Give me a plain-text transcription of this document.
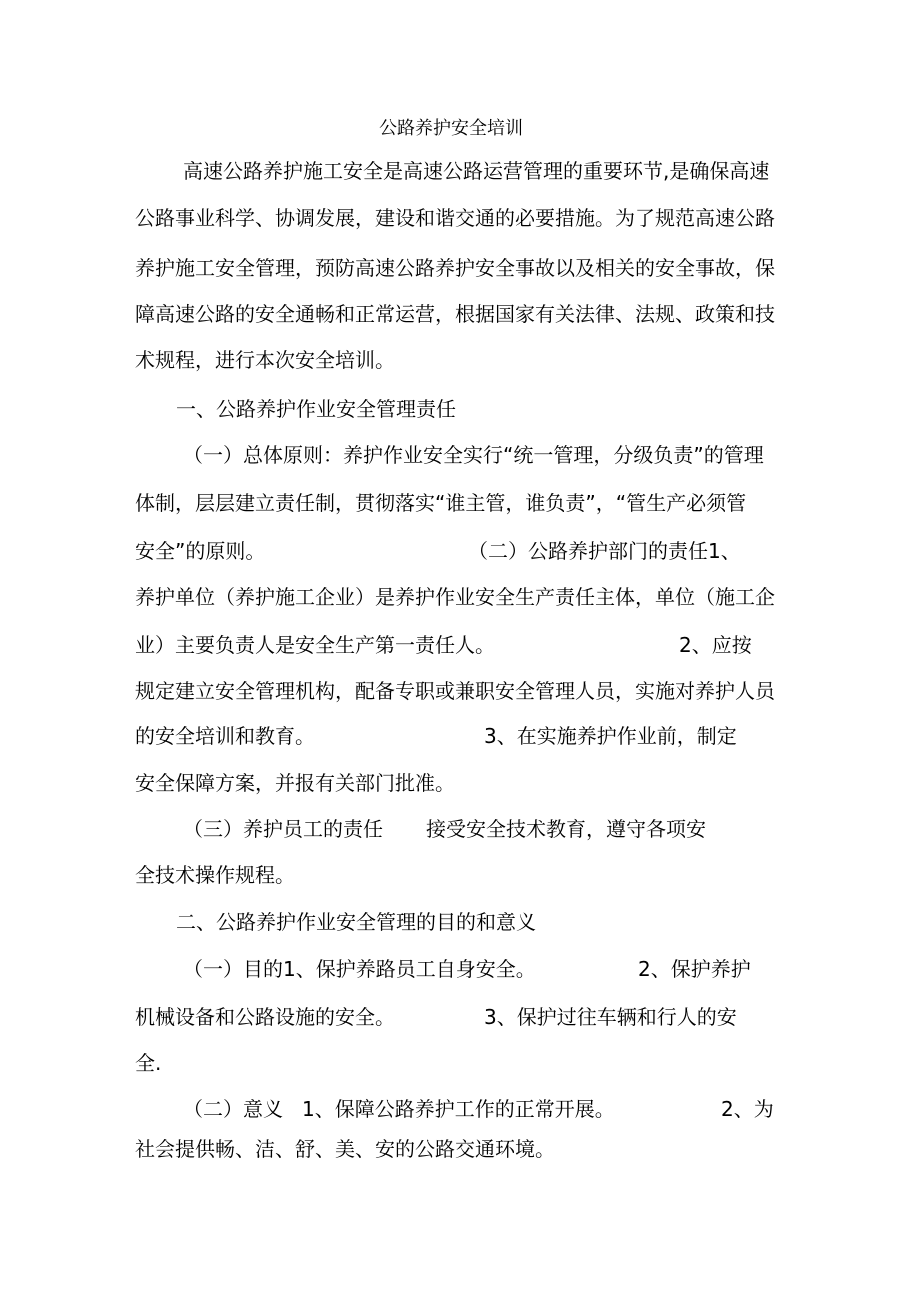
公路养护安全培训

高速公路养护施工安全是高速公路运营管理的重要环节,是确保高速

公路事业科学、协调发展，建设和谐交通的必要措施。为了规范高速公路

养护施工安全管理，预防高速公路养护安全事故以及相关的安全事故，保

障高速公路的安全通畅和正常运营，根据国家有关法律、法规、政策和技

术规程，进行本次安全培训。

一、公路养护作业安全管理责任

（一）总体原则：养护作业安全实行“统一管理，分级负责”的管理

体制，层层建立责任制，贯彻落实“谁主管，谁负责”，“管生产必须管

安全”的原则。	（二）公路养护部门的责任1、

养护单位（养护施工企业）是养护作业安全生产责任主体，单位（施工企

业）主要负责人是安全生产第一责任人。	2、应按

规定建立安全管理机构，配备专职或兼职安全管理人员，实施对养护人员

的安全培训和教育。	3、在实施养护作业前，制定

安全保障方案，并报有关部门批准。

（三）养护员工的责任 接受安全技术教育，遵守各项安

全技术操作规程。

二、公路养护作业安全管理的目的和意义

（一）目的1、保护养路员工自身安全。	2、保护养护

机械设备和公路设施的安全。	3、保护过往车辆和行人的安

全.

（二）意义 1、保障公路养护工作的正常开展。	2、为

社会提供畅、洁、舒、美、安的公路交通环境。
